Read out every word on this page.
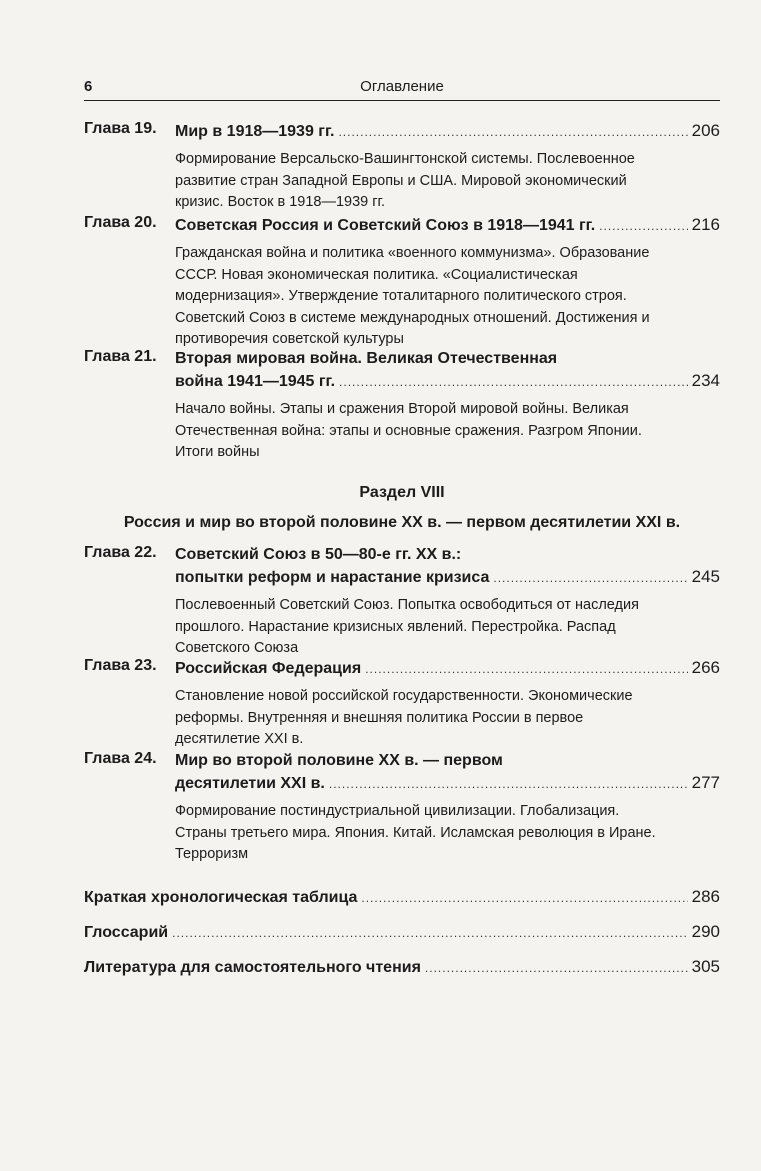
6	Оглавление
Глава 19. Мир в 1918—1939 гг. .....	206
Формирование Версальско-Вашингтонской системы. Послевоенное развитие стран Западной Европы и США. Мировой экономический кризис. Восток в 1918—1939 гг.
Глава 20. Советская Россия и Советский Союз в 1918—1941 гг. .....	216
Гражданская война и политика «военного коммунизма». Образование СССР. Новая экономическая политика. «Социалистическая модернизация». Утверждение тоталитарного политического строя. Советский Союз в системе международных отношений. Достижения и противоречия советской культуры
Глава 21. Вторая мировая война. Великая Отечественная
война 1941—1945 гг. .....	234
Начало войны. Этапы и сражения Второй мировой войны. Великая Отечественная война: этапы и основные сражения. Разгром Японии. Итоги войны
Раздел VIII
Россия и мир во второй половине XX в. — первом десятилетии XXI в.
Глава 22. Советский Союз в 50—80-е гг. XX в.:
попытки реформ и нарастание кризиса .....	245
Послевоенный Советский Союз. Попытка освободиться от наследия прошлого. Нарастание кризисных явлений. Перестройка. Распад Советского Союза
Глава 23. Российская Федерация .....	266
Становление новой российской государственности. Экономические реформы. Внутренняя и внешняя политика России в первое десятилетие XXI в.
Глава 24. Мир во второй половине XX в. — первом
десятилетии XXI в. .....	277
Формирование постиндустриальной цивилизации. Глобализация. Страны третьего мира. Япония. Китай. Исламская революция в Иране. Терроризм
Краткая хронологическая таблица .....	286
Глоссарий .....	290
Литература для самостоятельного чтения .....	305
